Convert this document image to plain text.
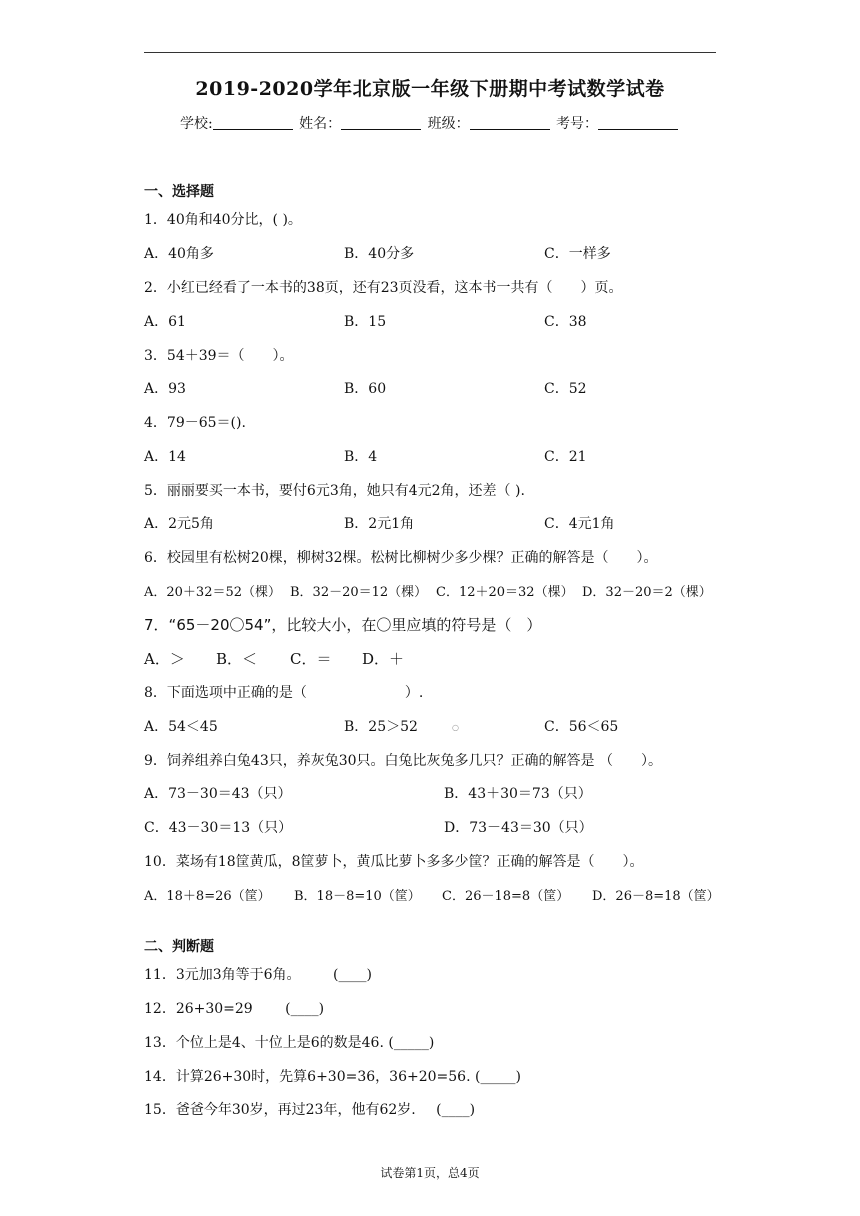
2019-2020学年北京版一年级下册期中考试数学试卷
学校:	姓名：	班级：	考号：
一、选择题
1．40角和40分比，( )。
A．40角多	B．40分多	C．一样多
2．小红已经看了一本书的38页，还有23页没看，这本书一共有（　　）页。
A．61	B．15	C．38
3．54＋39＝（　　）。
A．93	B．60	C．52
4．79－65＝().
A．14	B．4	C．21
5．丽丽要买一本书，要付6元3角，她只有4元2角，还差（ ).
A．2元5角	B．2元1角	C．4元1角
6．校园里有松树20棵，柳树32棵。松树比柳树少多少棵？正确的解答是（　　）。
A．20＋32＝52（棵） B．32－20＝12（棵） C．12＋20＝32（棵） D．32－20＝2（棵）
7．“65－20〇54”，比较大小，在〇里应填的符号是（　）
A．＞ B．＜ C．＝ D．＋
8．下面选项中正确的是（　　　　　　　）.
A．54＜45	B．25＞52	C．56＜65
○
9．饲养组养白兔43只，养灰兔30只。白兔比灰兔多几只？正确的解答是 （　　）。
A．73－30＝43（只）	B．43＋30＝73（只）
C．43－30＝13（只）	D．73－43＝30（只）
10．菜场有18筐黄瓜，8筐萝卜，黄瓜比萝卜多多少筐？正确的解答是（　　）。
A．18＋8=26（筐） B．18－8=10（筐） C．26－18=8（筐） D．26－8=18（筐）
二、判断题
11．3元加3角等于6角。 (____)
12．26+30=29 (____)
13．个位上是4、十位上是6的数是46. (_____)
14．计算26+30时，先算6+30=36，36+20=56. (_____)
15．爸爸今年30岁，再过23年，他有62岁. (____)
试卷第1页，总4页
